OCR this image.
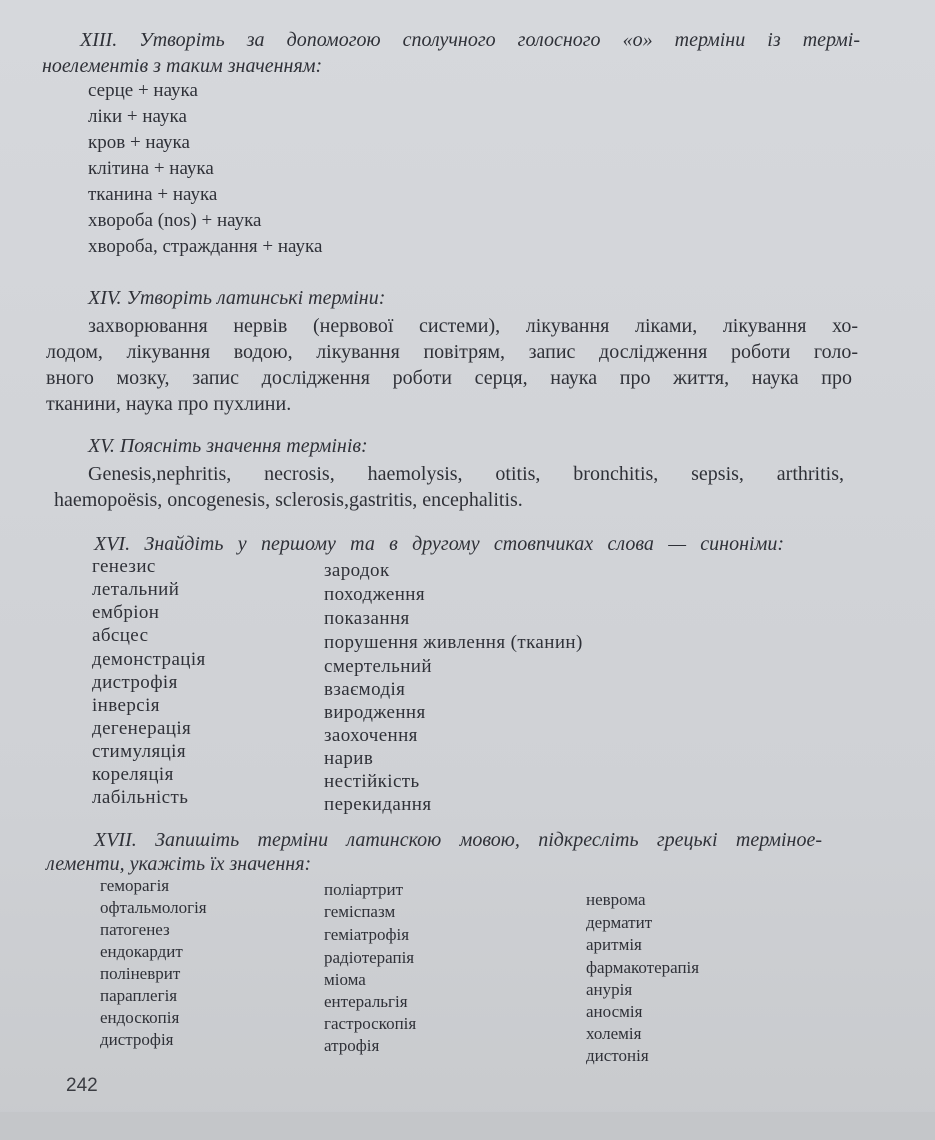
XIII. Утворіть за допомогою сполучного голосного «о» терміни із термі-
ноелементів з таким значенням:
серце + наука
ліки + наука
кров + наука
клітина + наука
тканина + наука
хвороба (nos) + наука
хвороба, страждання + наука
XIV. Утворіть латинські терміни:
захворювання нервів (нервової системи), лікування ліками, лікування хо-
лодом, лікування водою, лікування повітрям, запис дослідження роботи голо-
вного мозку, запис дослідження роботи серця, наука про життя, наука про
тканини, наука про пухлини.
XV. Поясніть значення термінів:
Genesis,nephritis, necrosis, haemolysis, otitis, bronchitis, sepsis, arthritis,
haemopoësis, oncogenesis, sclerosis,gastritis, encephalitis.
XVI. Знайдіть у першому та в другому стовпчиках слова — синоніми:
генезис
летальний
ембріон
абсцес
демонстрація
дистрофія
інверсія
дегенерація
стимуляція
кореляція
лабільність
зародок
походження
показання
порушення живлення (тканин)
смертельний
взаємодія
виродження
заохочення
нарив
нестійкість
перекидання
XVII. Запишіть терміни латинскою мовою, підкресліть грецькі терміное-
лементи, укажіть їх значення:
геморагія
офтальмологія
патогенез
ендокардит
поліневрит
параплегія
ендоскопія
дистрофія
поліартрит
геміспазм
геміатрофія
радіотерапія
міома
ентеральгія
гастроскопія
атрофія
неврома
дерматит
аритмія
фармакотерапія
анурія
аносмія
холемія
дистонія
242
